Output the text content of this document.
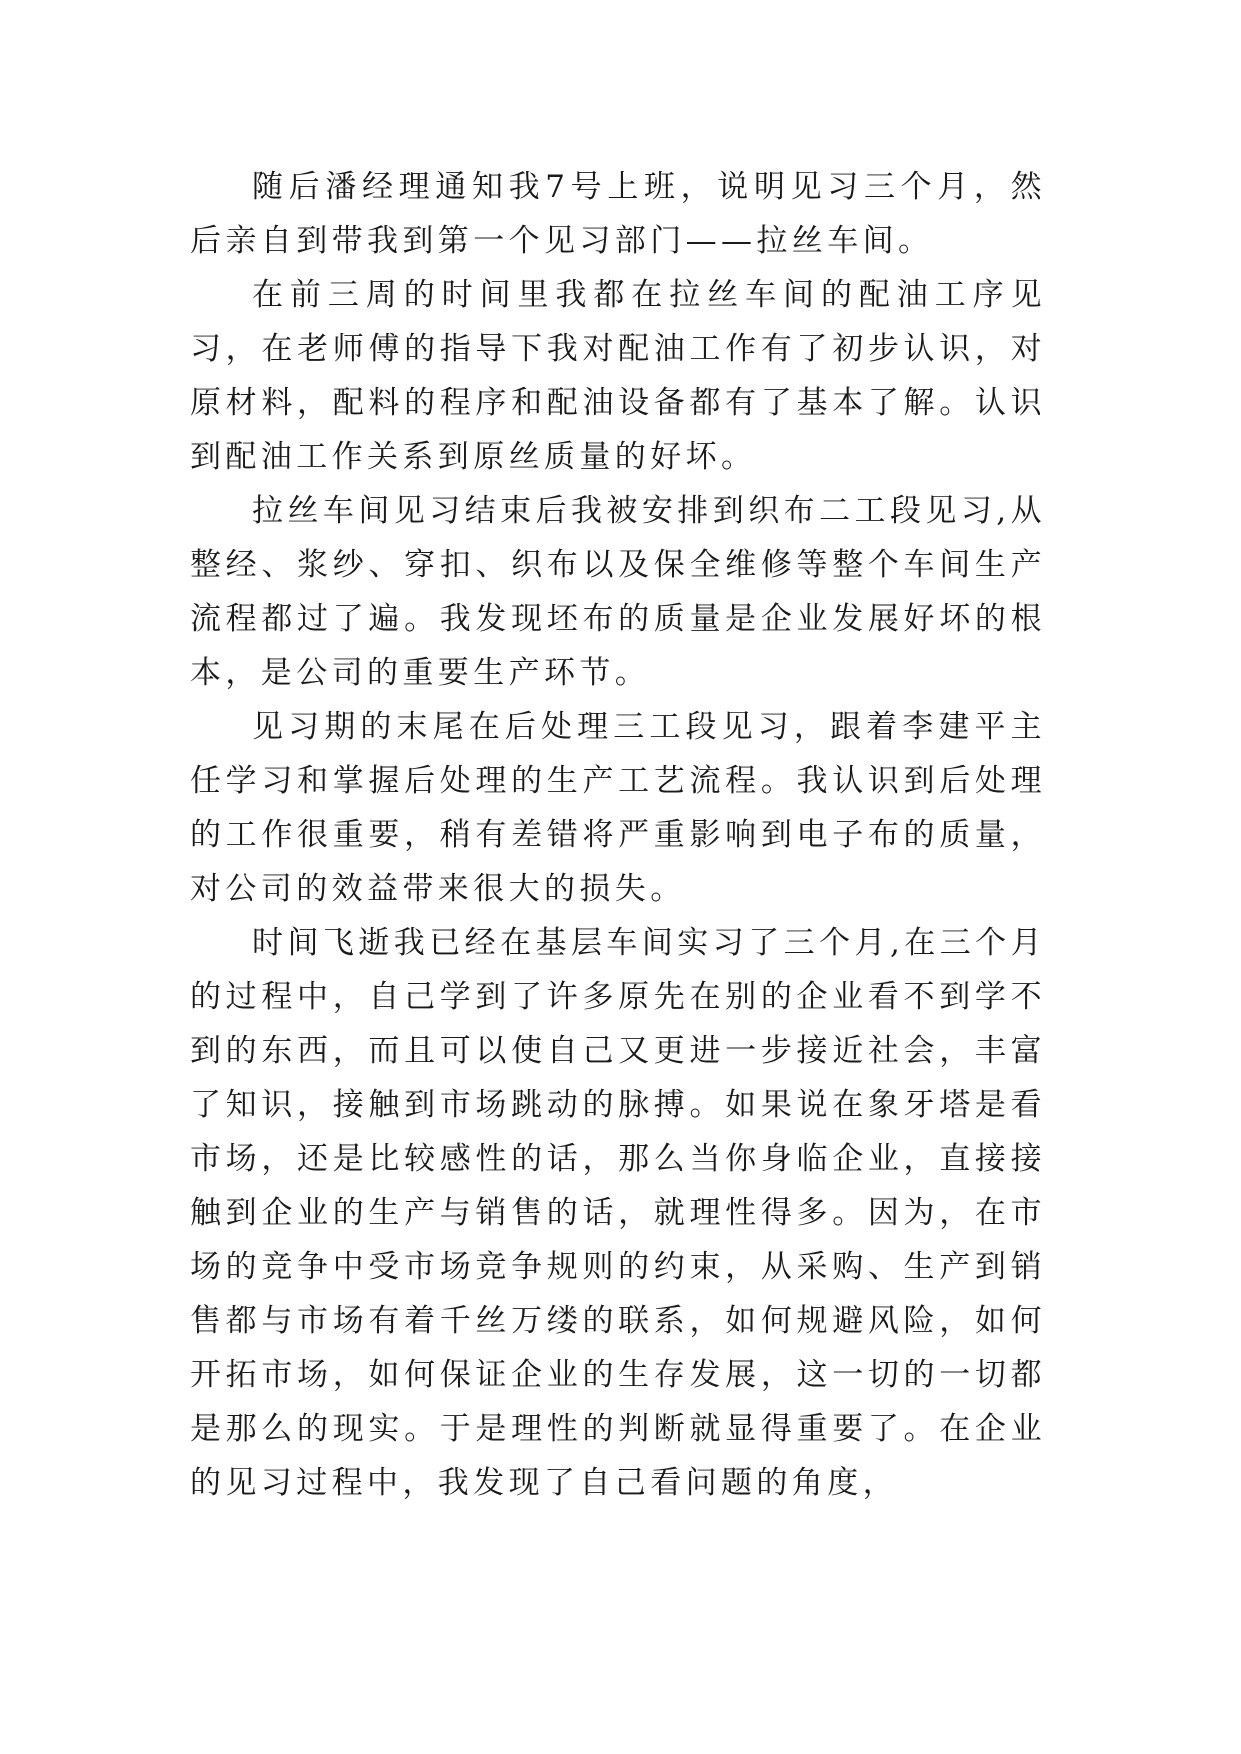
随后潘经理通知我7号上班，说明见习三个月，然后亲自到带我到第一个见习部门——拉丝车间。

在前三周的时间里我都在拉丝车间的配油工序见习，在老师傅的指导下我对配油工作有了初步认识，对原材料，配料的程序和配油设备都有了基本了解。认识到配油工作关系到原丝质量的好坏。

拉丝车间见习结束后我被安排到织布二工段见习,从整经、浆纱、穿扣、织布以及保全维修等整个车间生产流程都过了遍。我发现坯布的质量是企业发展好坏的根本，是公司的重要生产环节。

见习期的末尾在后处理三工段见习，跟着李建平主任学习和掌握后处理的生产工艺流程。我认识到后处理的工作很重要，稍有差错将严重影响到电子布的质量，对公司的效益带来很大的损失。

时间飞逝我已经在基层车间实习了三个月,在三个月的过程中，自己学到了许多原先在别的企业看不到学不到的东西，而且可以使自己又更进一步接近社会，丰富了知识，接触到市场跳动的脉搏。如果说在象牙塔是看市场，还是比较感性的话，那么当你身临企业，直接接触到企业的生产与销售的话，就理性得多。因为，在市场的竞争中受市场竞争规则的约束，从采购、生产到销售都与市场有着千丝万缕的联系，如何规避风险，如何开拓市场，如何保证企业的生存发展，这一切的一切都是那么的现实。于是理性的判断就显得重要了。在企业的见习过程中，我发现了自己看问题的角度，
